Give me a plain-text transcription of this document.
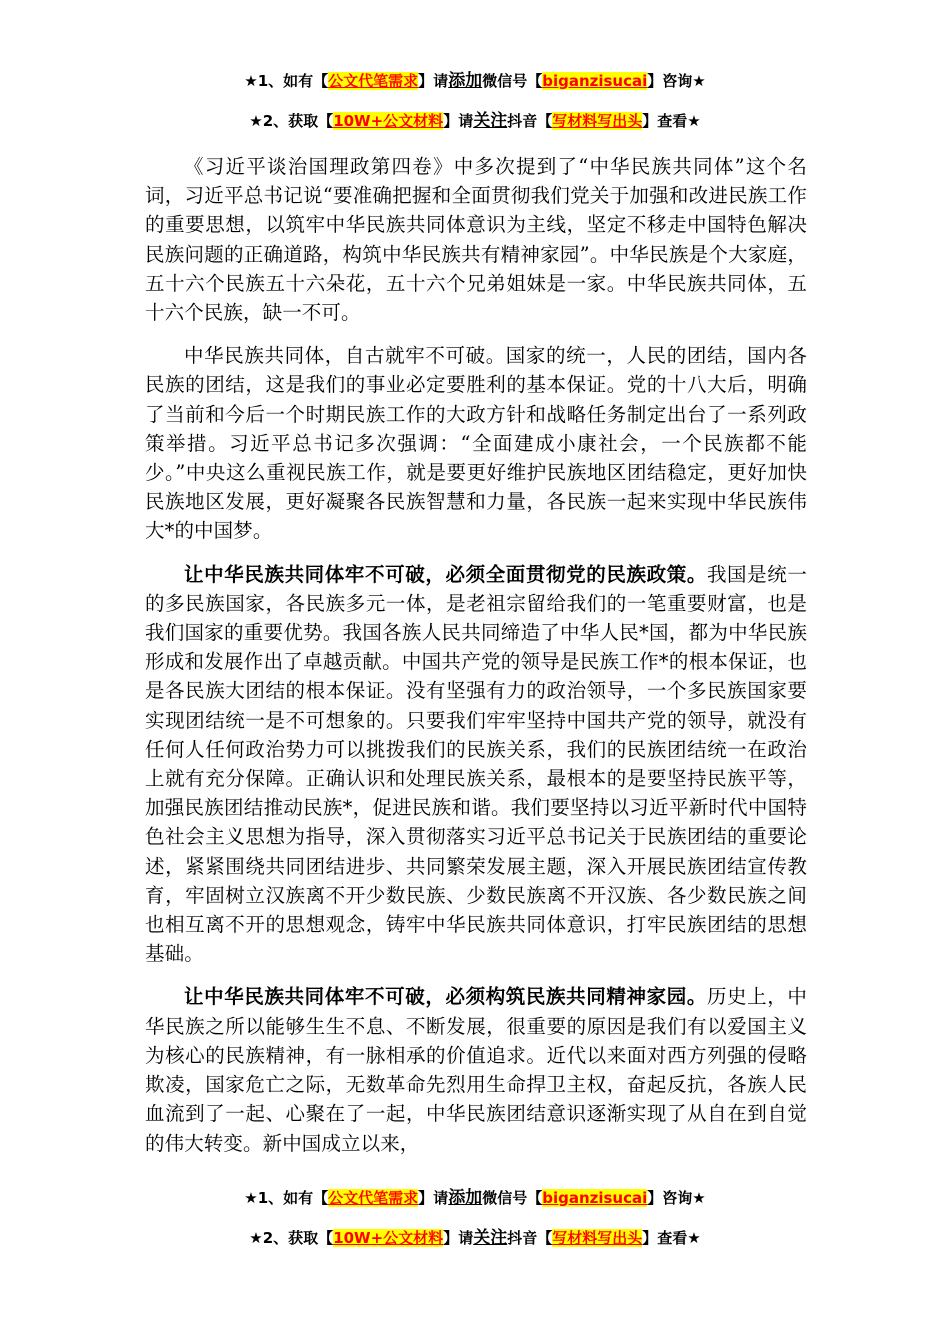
★1、如有【公文代笔需求】请添加微信号【biganzisucai】咨询★
★2、获取【10W+公文材料】请关注抖音【写材料写出头】查看★

《习近平谈治国理政第四卷》中多次提到了“中华民族共同体”这个名词，习近平总书记说“要准确把握和全面贯彻我们党关于加强和改进民族工作的重要思想，以筑牢中华民族共同体意识为主线，坚定不移走中国特色解决民族问题的正确道路，构筑中华民族共有精神家园”。中华民族是个大家庭，五十六个民族五十六朵花，五十六个兄弟姐妹是一家。中华民族共同体，五十六个民族，缺一不可。

中华民族共同体，自古就牢不可破。国家的统一，人民的团结，国内各民族的团结，这是我们的事业必定要胜利的基本保证。党的十八大后，明确了当前和今后一个时期民族工作的大政方针和战略任务制定出台了一系列政策举措。习近平总书记多次强调：“全面建成小康社会，一个民族都不能少。”中央这么重视民族工作，就是要更好维护民族地区团结稳定，更好加快民族地区发展，更好凝聚各民族智慧和力量，各民族一起来实现中华民族伟大*的中国梦。

让中华民族共同体牢不可破，必须全面贯彻党的民族政策。我国是统一的多民族国家，各民族多元一体，是老祖宗留给我们的一笔重要财富，也是我们国家的重要优势。我国各族人民共同缔造了中华人民*国，都为中华民族形成和发展作出了卓越贡献。中国共产党的领导是民族工作*的根本保证，也是各民族大团结的根本保证。没有坚强有力的政治领导，一个多民族国家要实现团结统一是不可想象的。只要我们牢牢坚持中国共产党的领导，就没有任何人任何政治势力可以挑拨我们的民族关系，我们的民族团结统一在政治上就有充分保障。正确认识和处理民族关系，最根本的是要坚持民族平等，加强民族团结推动民族*，促进民族和谐。我们要坚持以习近平新时代中国特色社会主义思想为指导，深入贯彻落实习近平总书记关于民族团结的重要论述，紧紧围绕共同团结进步、共同繁荣发展主题，深入开展民族团结宣传教育，牢固树立汉族离不开少数民族、少数民族离不开汉族、各少数民族之间也相互离不开的思想观念，铸牢中华民族共同体意识，打牢民族团结的思想基础。

让中华民族共同体牢不可破，必须构筑民族共同精神家园。历史上，中华民族之所以能够生生不息、不断发展，很重要的原因是我们有以爱国主义为核心的民族精神，有一脉相承的价值追求。近代以来面对西方列强的侵略欺凌，国家危亡之际，无数革命先烈用生命捍卫主权，奋起反抗，各族人民血流到了一起、心聚在了一起，中华民族团结意识逐渐实现了从自在到自觉的伟大转变。新中国成立以来，

★1、如有【公文代笔需求】请添加微信号【biganzisucai】咨询★
★2、获取【10W+公文材料】请关注抖音【写材料写出头】查看★
